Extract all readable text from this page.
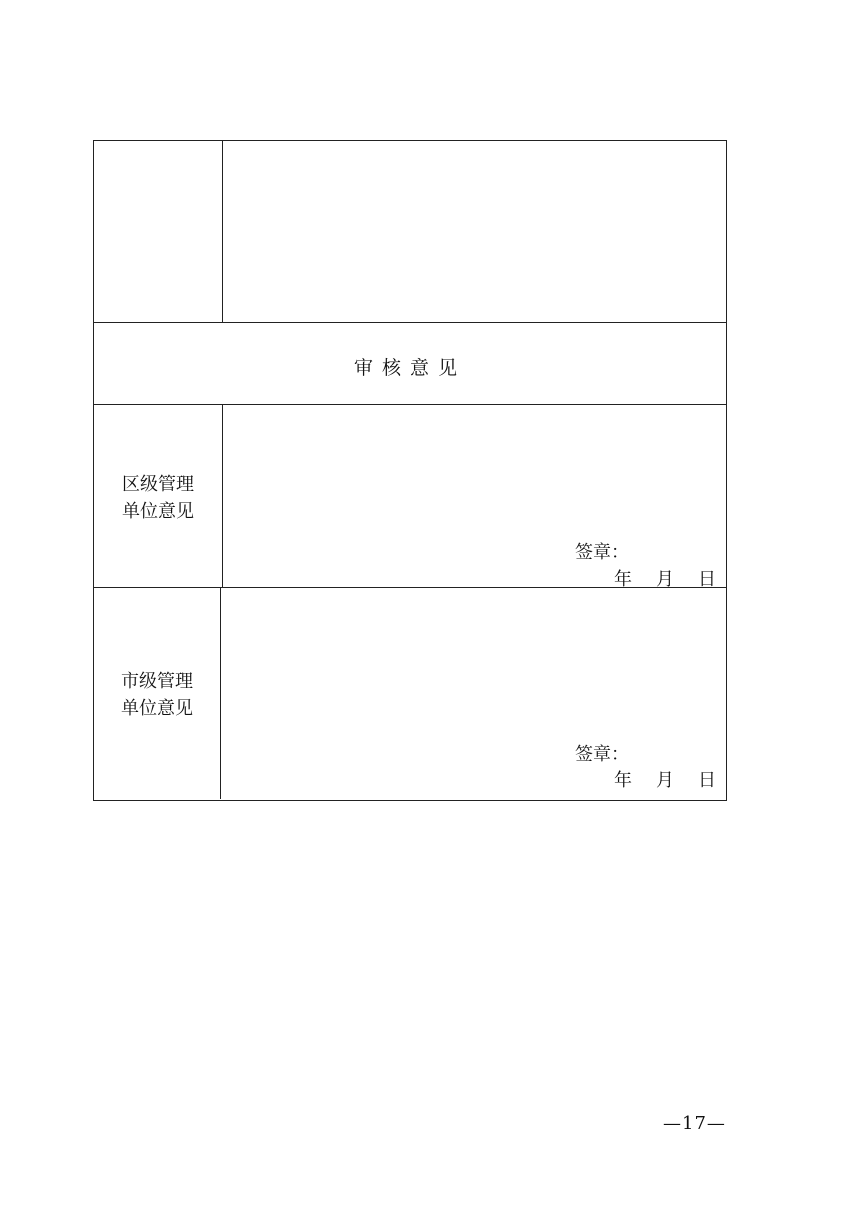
审核意见
区级管理
单位意见
签章：
年 月 日
市级管理
单位意见
签章：
年 月 日
—17—
